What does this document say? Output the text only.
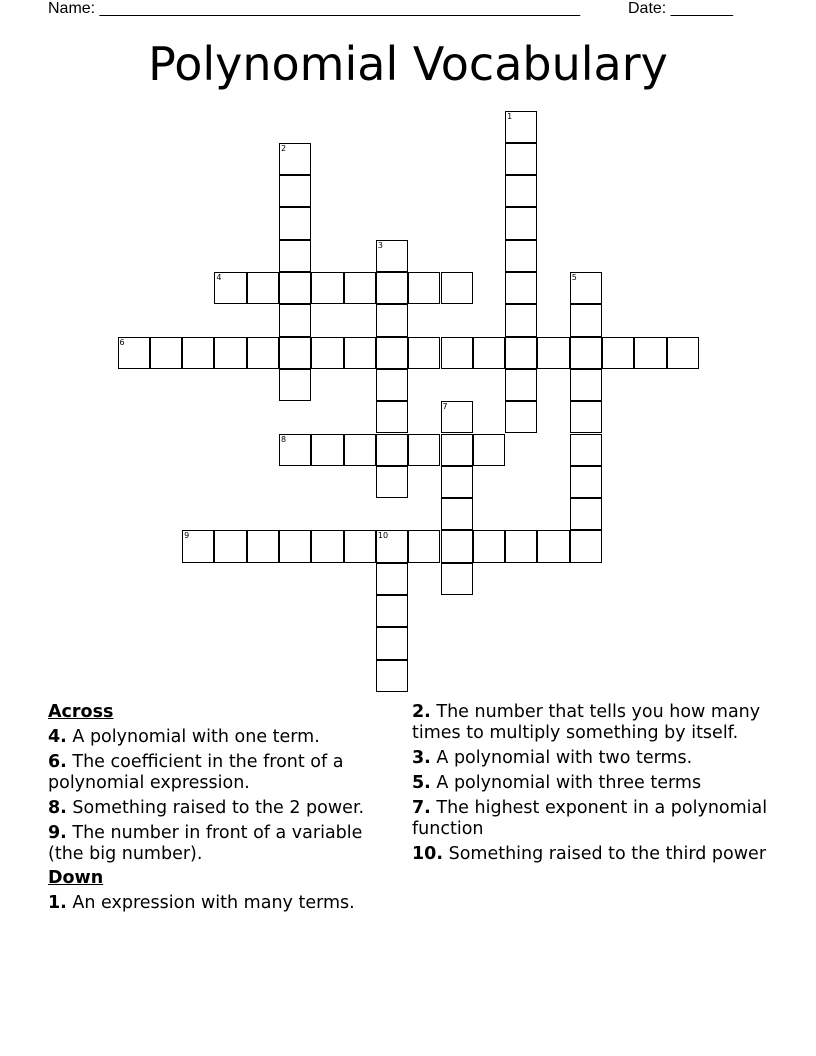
Name: ______________________________________________________	Date: _______
Polynomial Vocabulary
1
2
3
4	5
6
7
8
9	10
Across
4. A polynomial with one term.
6. The coefficient in the front of a polynomial expression.
8. Something raised to the 2 power.
9. The number in front of a variable (the big number).
Down
1. An expression with many terms.
2. The number that tells you how many times to multiply something by itself.
3. A polynomial with two terms.
5. A polynomial with three terms
7. The highest exponent in a polynomial function
10. Something raised to the third power
